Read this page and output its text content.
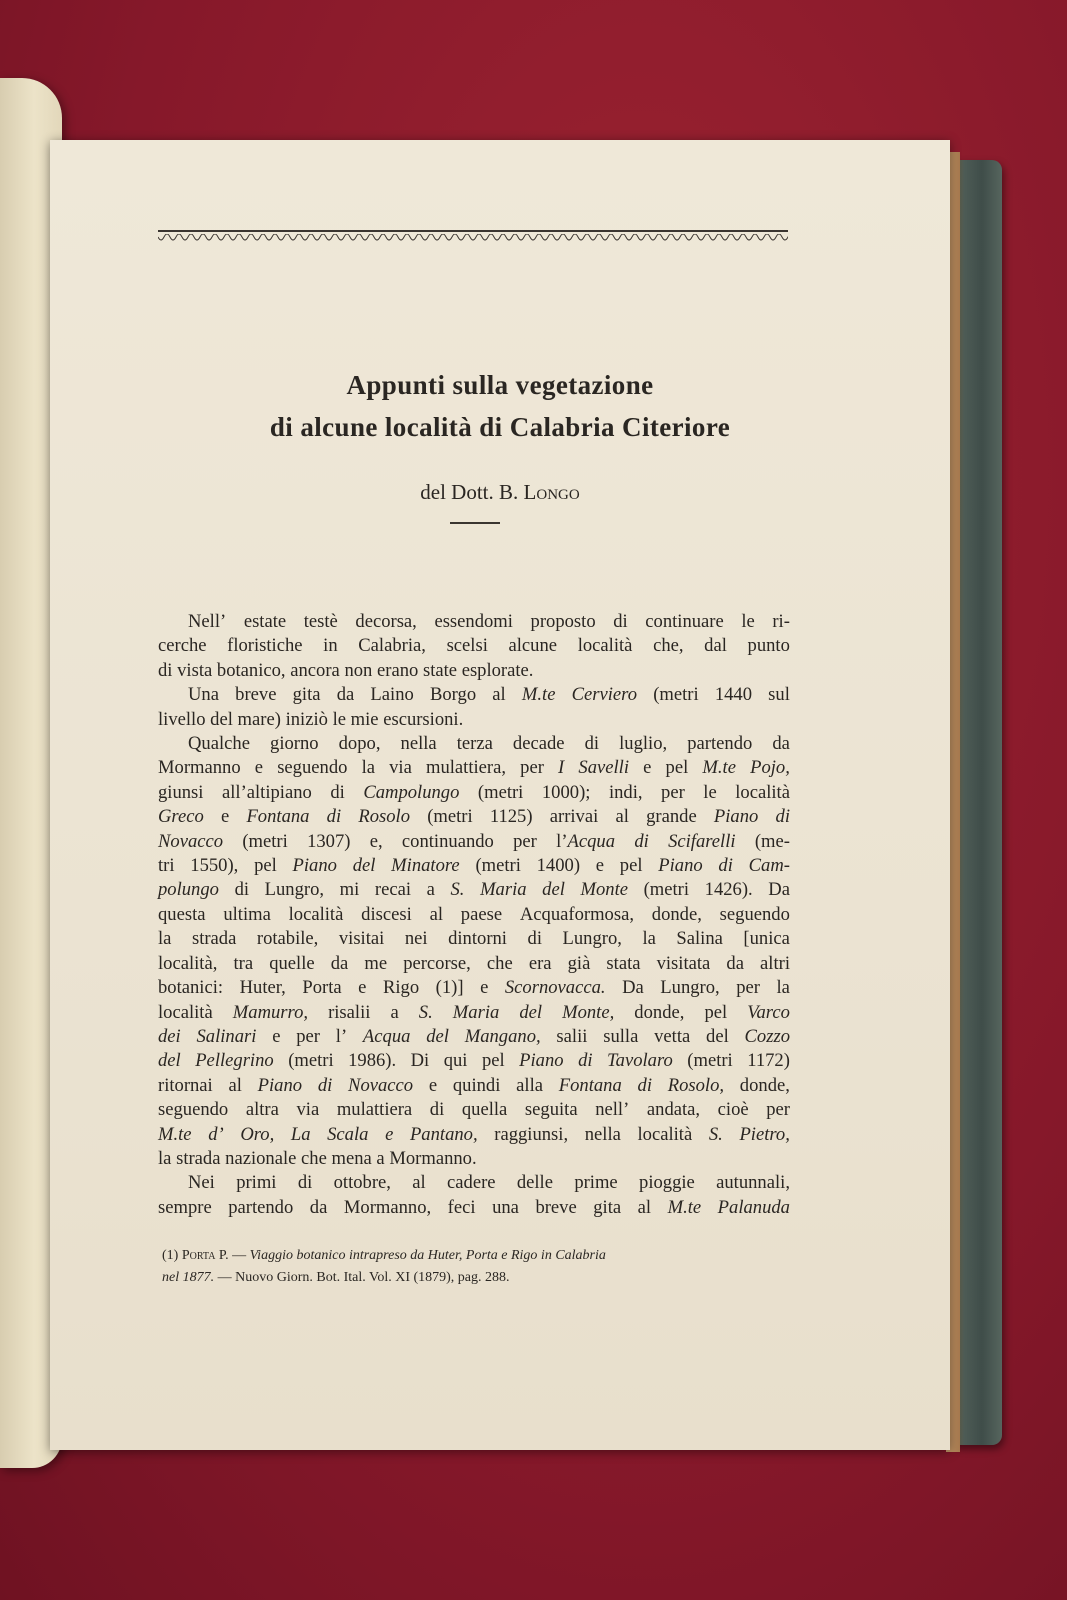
Appunti sulla vegetazione
di alcune località di Calabria Citeriore
del Dott. B. Longo
Nell’ estate testè decorsa, essendomi proposto di continuare le ri-
cerche floristiche in Calabria, scelsi alcune località che, dal punto
di
vista
botanico,
ancora
non
erano
state
esplorate.

Una breve gita da Laino Borgo al M.te Cerviero (metri 1440 sul
livello
del
mare)
iniziò
le
mie
escursioni.

Qualche giorno dopo, nella terza decade di luglio, partendo da
Mormanno e seguendo la via mulattiera, per I Savelli e pel M.te Pojo,
giunsi all’altipiano di Campolungo (metri 1000); indi, per le località
Greco e Fontana di Rosolo (metri 1125) arrivai al grande Piano di
Novacco (metri 1307) e, continuando per l’Acqua di Scifarelli (me-
tri 1550), pel Piano del Minatore (metri 1400) e pel Piano di Cam-
polungo di Lungro, mi recai a S. Maria del Monte (metri 1426). Da
questa ultima località discesi al paese Acquaformosa, donde, seguendo
la strada rotabile, visitai nei dintorni di Lungro, la Salina [unica
località, tra quelle da me percorse, che era già stata visitata da altri
botanici: Huter, Porta e Rigo (1)] e Scornovacca. Da Lungro, per la
località Mamurro, risalii a S. Maria del Monte, donde, pel Varco
dei Salinari e per l’ Acqua del Mangano, salii sulla vetta del Cozzo
del Pellegrino (metri 1986). Di qui pel Piano di Tavolaro (metri 1172)
ritornai al Piano di Novacco e quindi alla Fontana di Rosolo, donde,
seguendo altra via mulattiera di quella seguita nell’ andata, cioè per
M.te d’ Oro, La Scala e Pantano, raggiunsi, nella località S. Pietro,
la
strada
nazionale
che
mena
a
Mormanno.

Nei primi di ottobre, al cadere delle prime pioggie autunnali,
sempre partendo da Mormanno, feci una breve gita al M.te Palanuda
(1)
Porta P. — Viaggio botanico intrapreso da Huter, Porta e Rigo in Calabria
nel 1877. — Nuovo Giorn. Bot. Ital. Vol. XI (1879), pag. 288.
